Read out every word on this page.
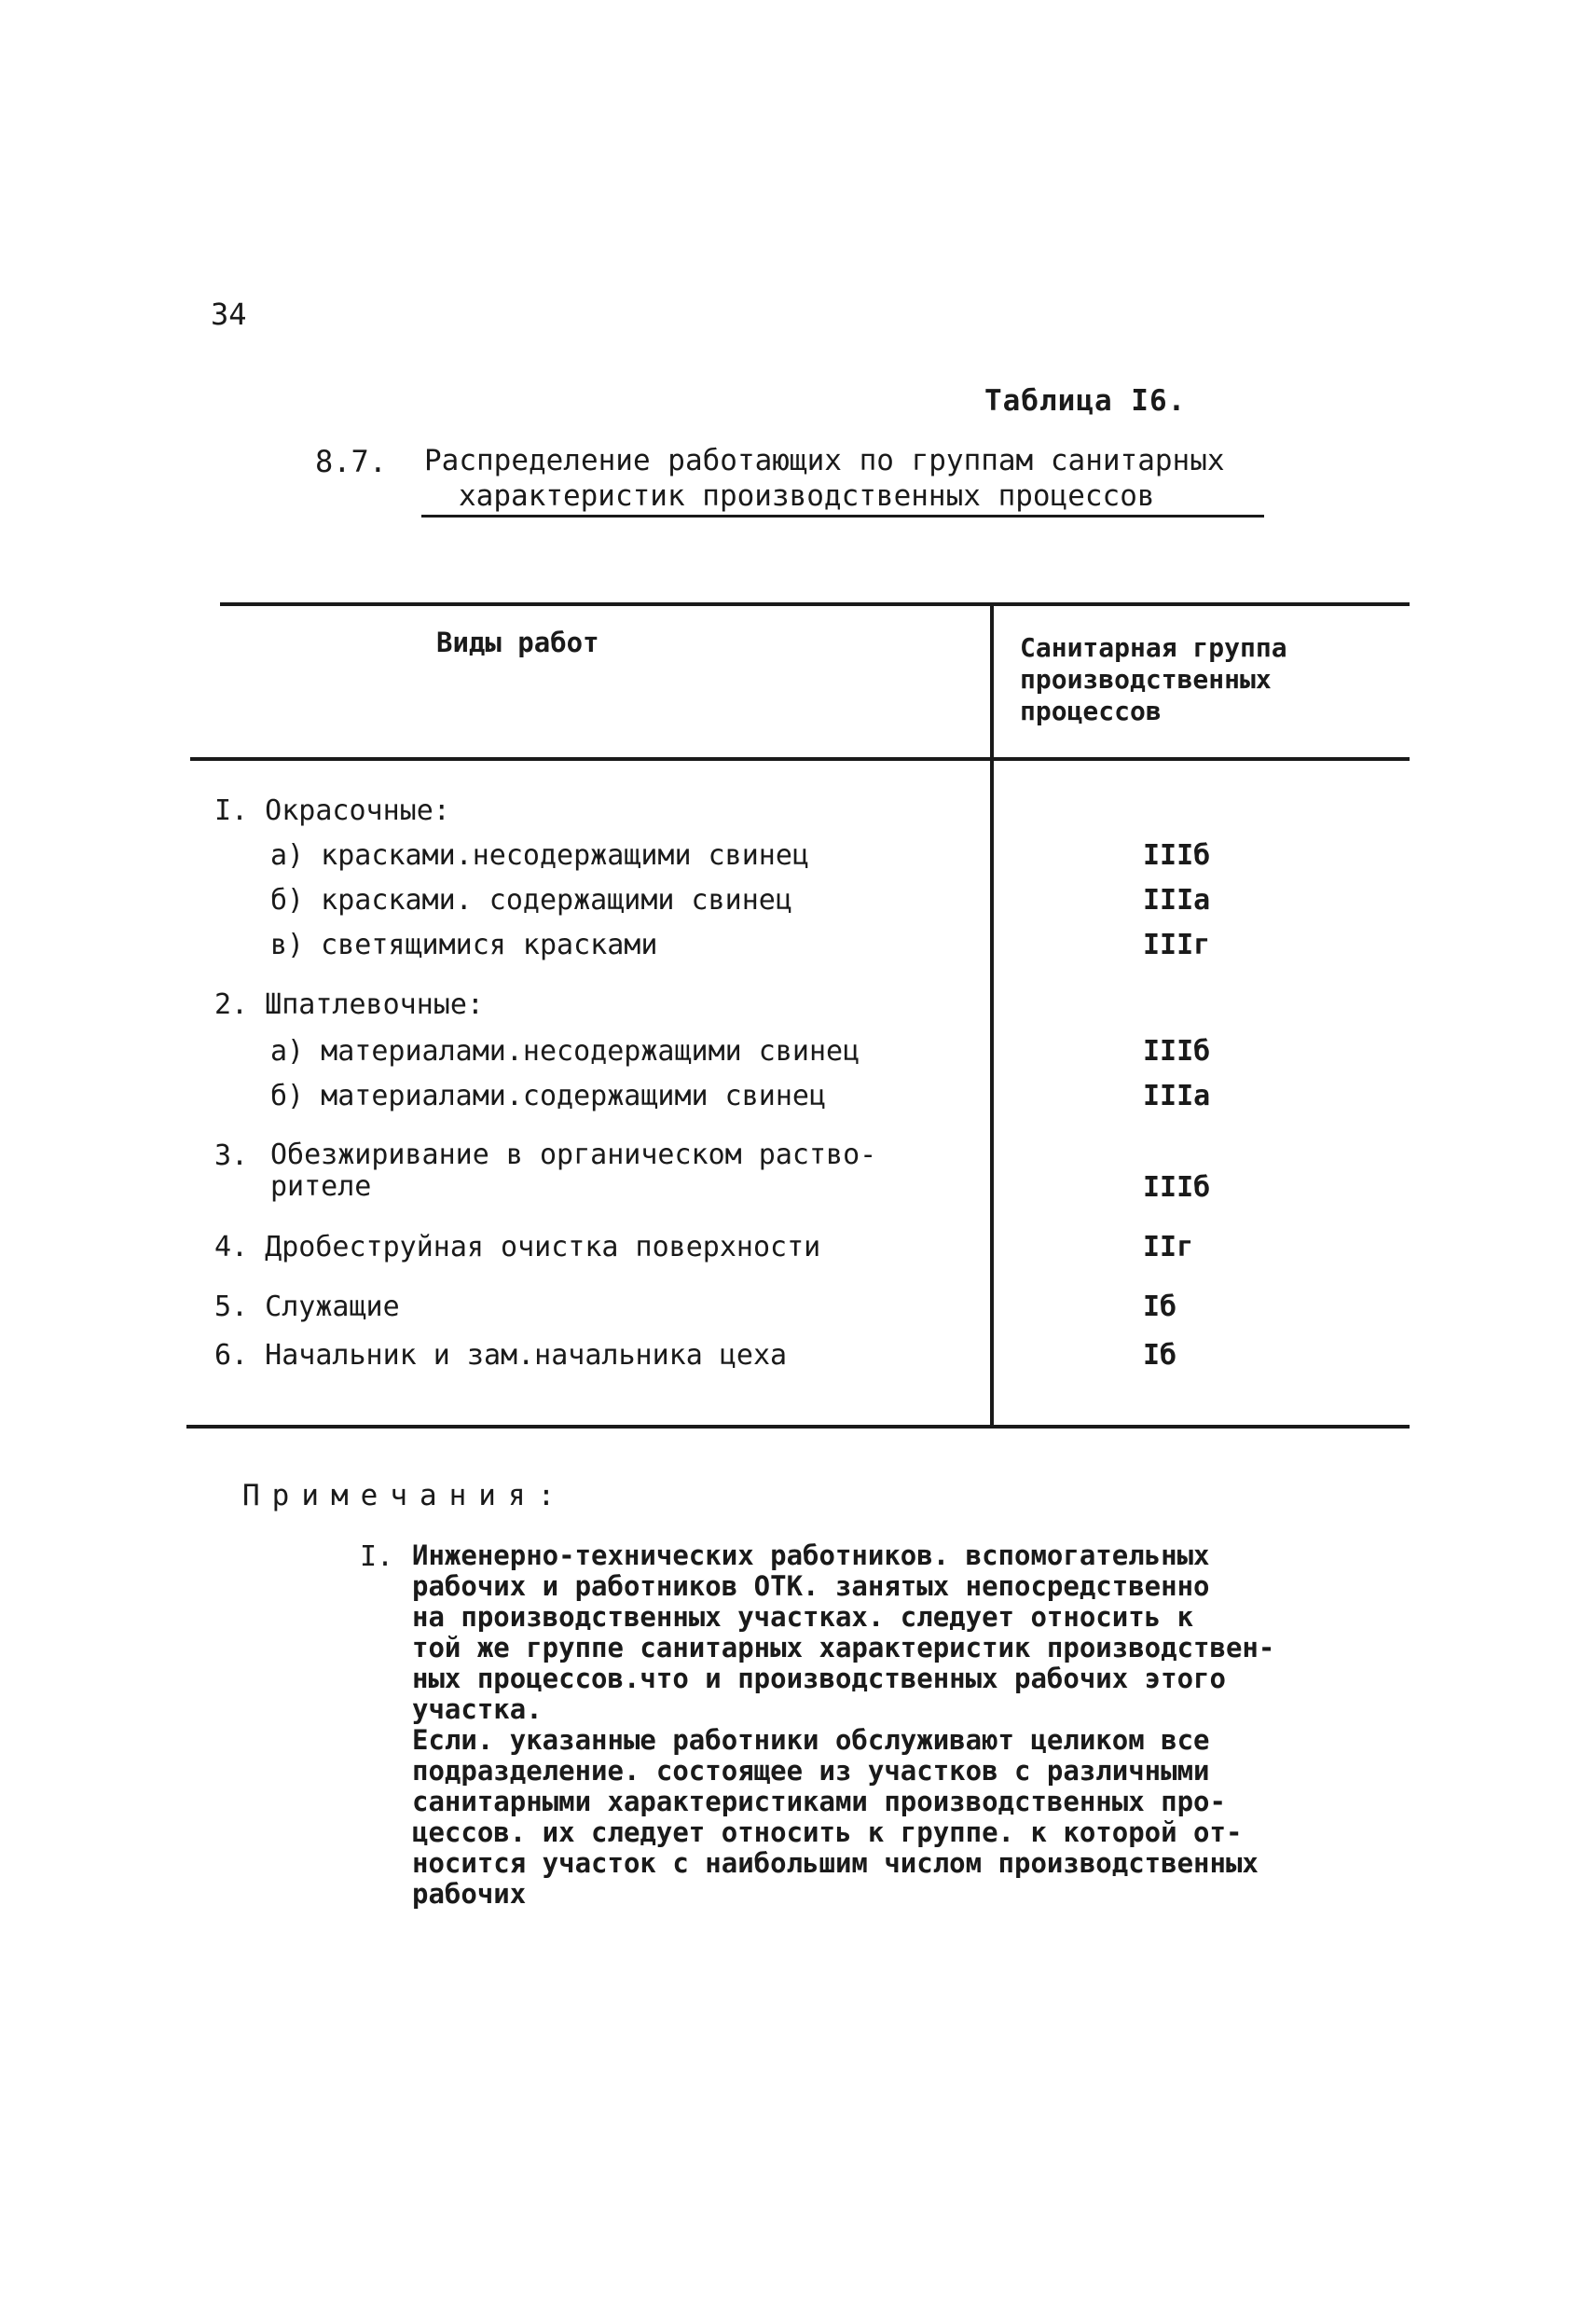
34
Таблица I6.
8.7. Распределение работающих по группам санитарных
характеристик производственных процессов
Виды работ	Санитарная группа
производственных
процессов
I. Окрасочные:
а) красками.несодержащими свинец	IIIб
б) красками. содержащими свинец	IIIа
в) светящимися красками	IIIг
2. Шпатлевочные:
а) материалами.несодержащими свинец	IIIб
б) материалами.содержащими свинец	IIIа
3. Обезжиривание в органическом раство-
рителе	IIIб
4. Дробеструйная очистка поверхности	IIг
5. Служащие	Iб
6. Начальник и зам.начальника цеха	Iб
Примечания:
I. Инженерно-технических работников. вспомогательных
рабочих и работников ОТК. занятых непосредственно
на производственных участках. следует относить к
той же группе санитарных характеристик производствен-
ных процессов.что и производственных рабочих этого
участка.
Если. указанные работники обслуживают целиком все
подразделение. состоящее из участков с различными
санитарными характеристиками производственных про-
цессов. их следует относить к группе. к которой от-
носится участок с наибольшим числом производственных
рабочих
